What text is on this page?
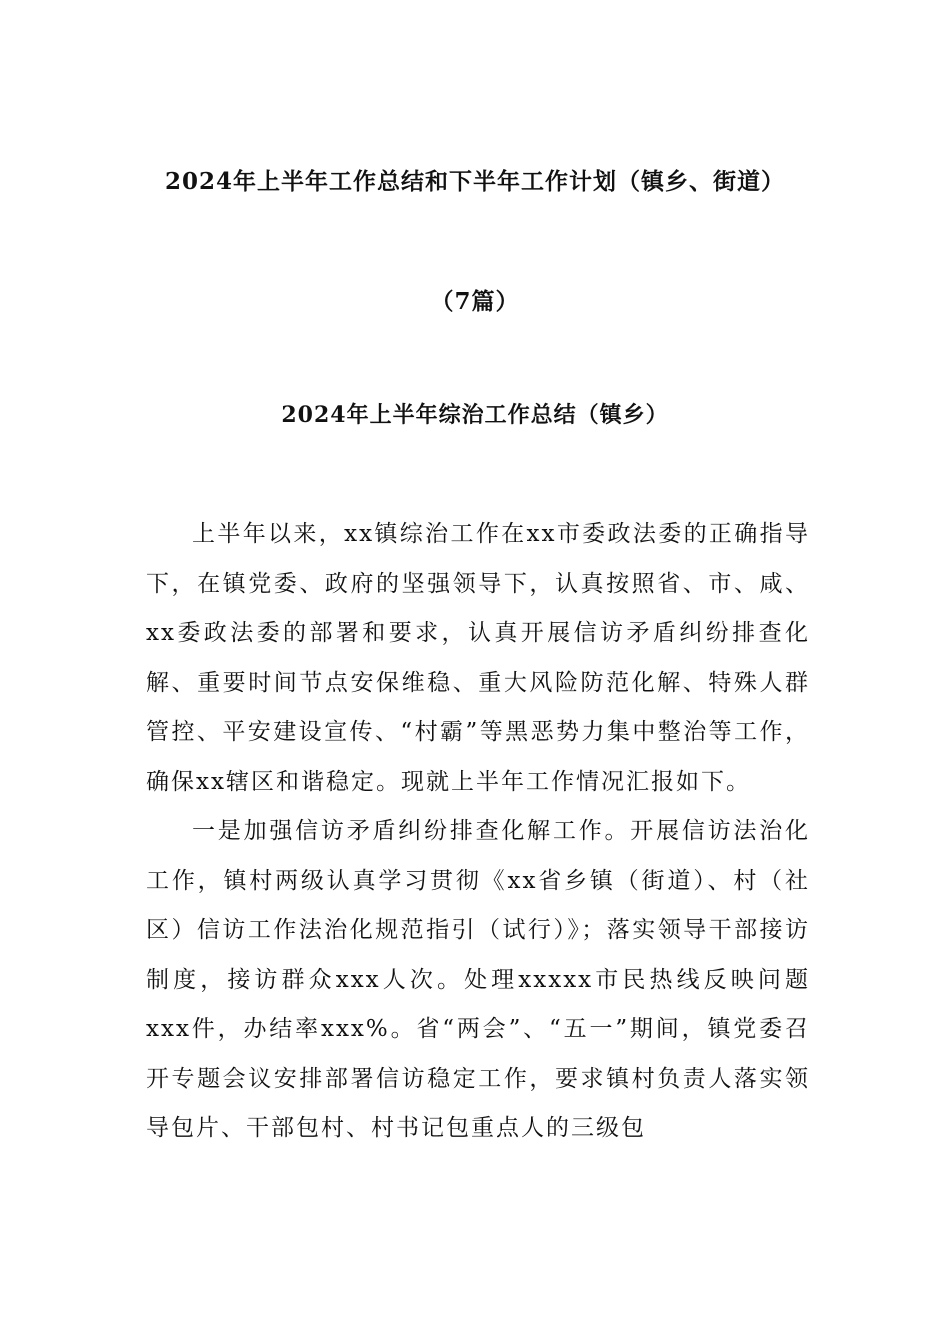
2024年上半年工作总结和下半年工作计划（镇乡、街道）
（7篇）
2024年上半年综治工作总结（镇乡）

上半年以来，xx镇综治工作在xx市委政法委的正确指导下，在镇党委、政府的坚强领导下，认真按照省、市、咸、xx委政法委的部署和要求，认真开展信访矛盾纠纷排查化解、重要时间节点安保维稳、重大风险防范化解、特殊人群管控、平安建设宣传、“村霸”等黑恶势力集中整治等工作，确保xx辖区和谐稳定。现就上半年工作情况汇报如下。

一是加强信访矛盾纠纷排查化解工作。开展信访法治化工作，镇村两级认真学习贯彻《xx省乡镇（街道）、村（社区）信访工作法治化规范指引（试行）》；落实领导干部接访制度，接访群众xxx人次。处理xxxxx市民热线反映问题xxx件，办结率xxx%。省“两会”、“五一”期间，镇党委召开专题会议安排部署信访稳定工作，要求镇村负责人落实领导包片、干部包村、村书记包重点人的三级包
